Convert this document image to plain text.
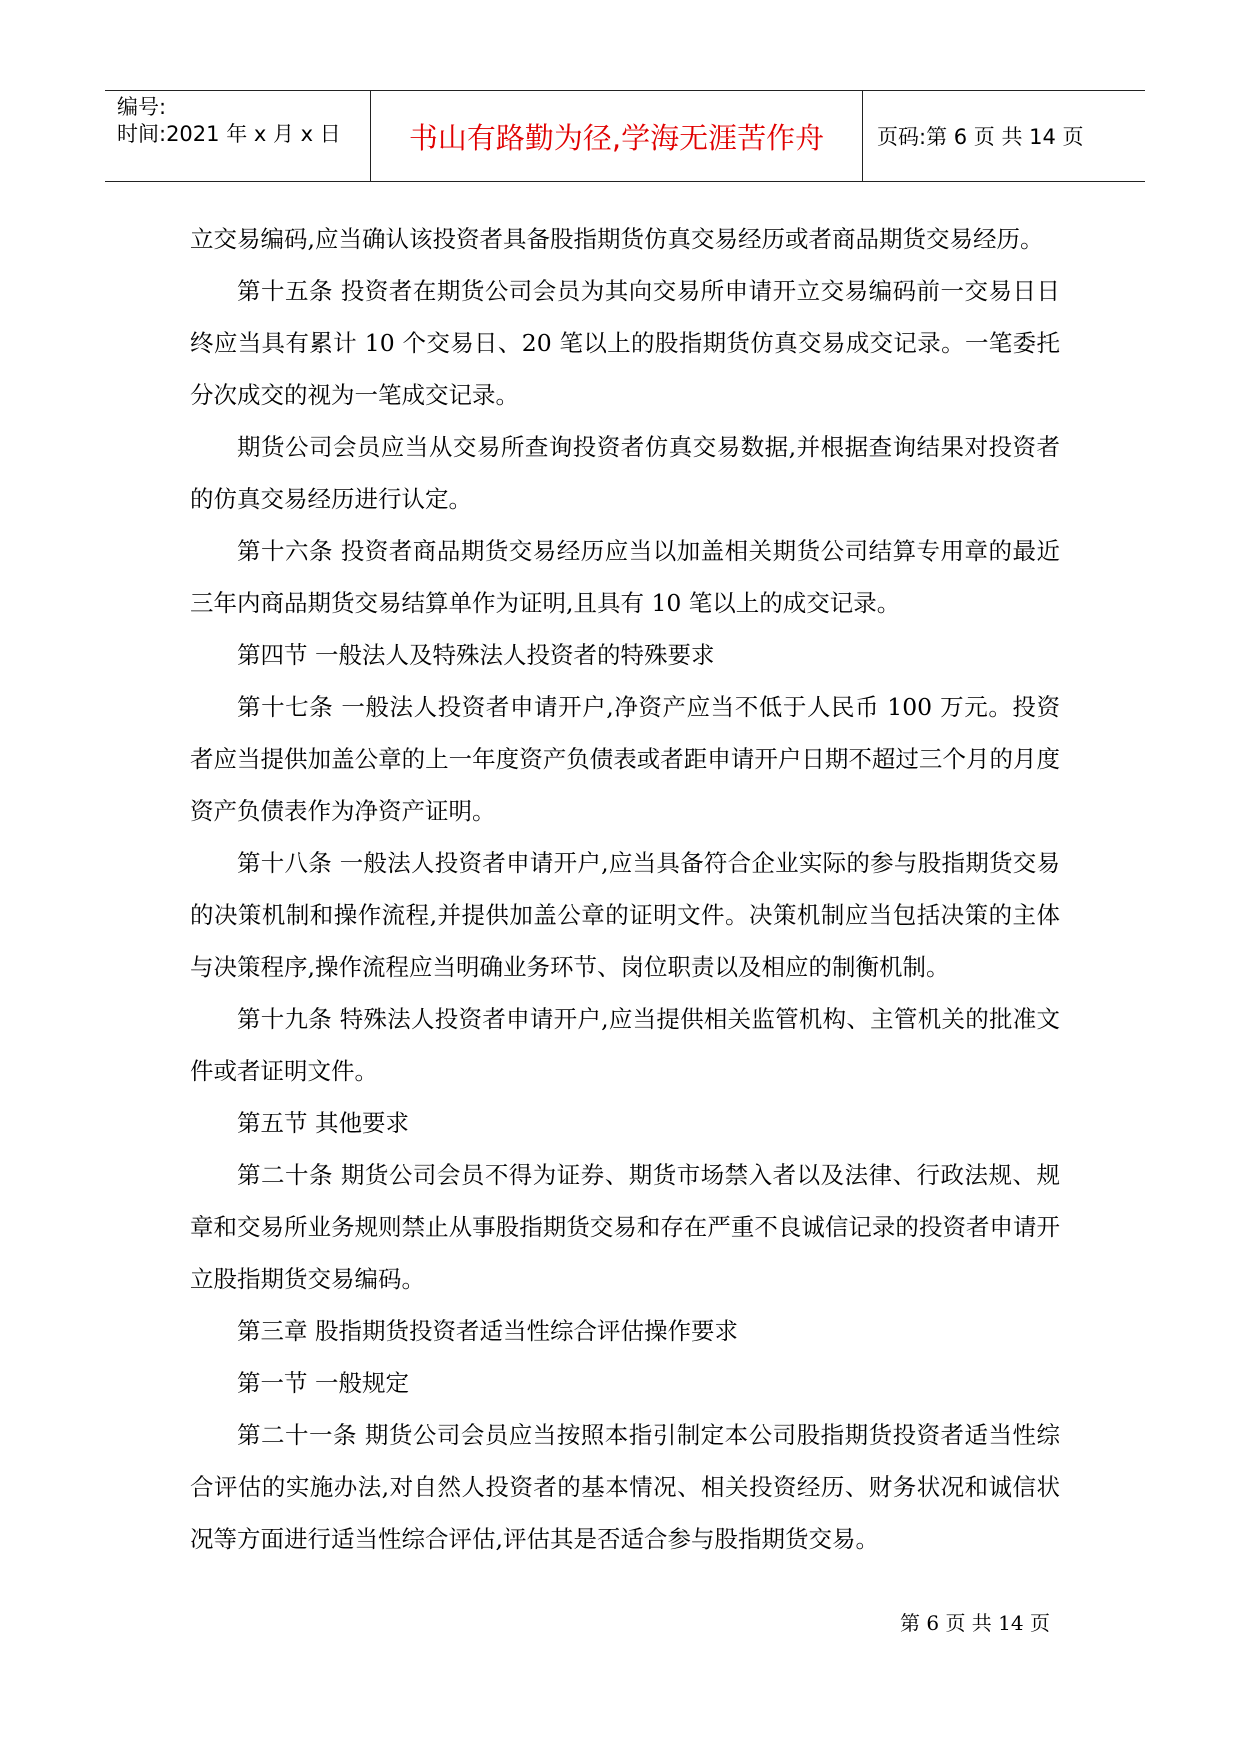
编号:
时间:2021 年 x 月 x 日	书山有路勤为径,学海无涯苦作舟	页码:第 6 页 共 14 页

立交易编码,应当确认该投资者具备股指期货仿真交易经历或者商品期货交易经历。

第十五条 投资者在期货公司会员为其向交易所申请开立交易编码前一交易日日终应当具有累计 10 个交易日、20 笔以上的股指期货仿真交易成交记录。一笔委托分次成交的视为一笔成交记录。

期货公司会员应当从交易所查询投资者仿真交易数据,并根据查询结果对投资者的仿真交易经历进行认定。

第十六条 投资者商品期货交易经历应当以加盖相关期货公司结算专用章的最近三年内商品期货交易结算单作为证明,且具有 10 笔以上的成交记录。

第四节 一般法人及特殊法人投资者的特殊要求

第十七条 一般法人投资者申请开户,净资产应当不低于人民币 100 万元。投资者应当提供加盖公章的上一年度资产负债表或者距申请开户日期不超过三个月的月度资产负债表作为净资产证明。

第十八条 一般法人投资者申请开户,应当具备符合企业实际的参与股指期货交易的决策机制和操作流程,并提供加盖公章的证明文件。决策机制应当包括决策的主体与决策程序,操作流程应当明确业务环节、岗位职责以及相应的制衡机制。

第十九条 特殊法人投资者申请开户,应当提供相关监管机构、主管机关的批准文件或者证明文件。

第五节 其他要求

第二十条 期货公司会员不得为证券、期货市场禁入者以及法律、行政法规、规章和交易所业务规则禁止从事股指期货交易和存在严重不良诚信记录的投资者申请开立股指期货交易编码。

第三章 股指期货投资者适当性综合评估操作要求

第一节 一般规定

第二十一条 期货公司会员应当按照本指引制定本公司股指期货投资者适当性综合评估的实施办法,对自然人投资者的基本情况、相关投资经历、财务状况和诚信状况等方面进行适当性综合评估,评估其是否适合参与股指期货交易。

第 6 页 共 14 页
